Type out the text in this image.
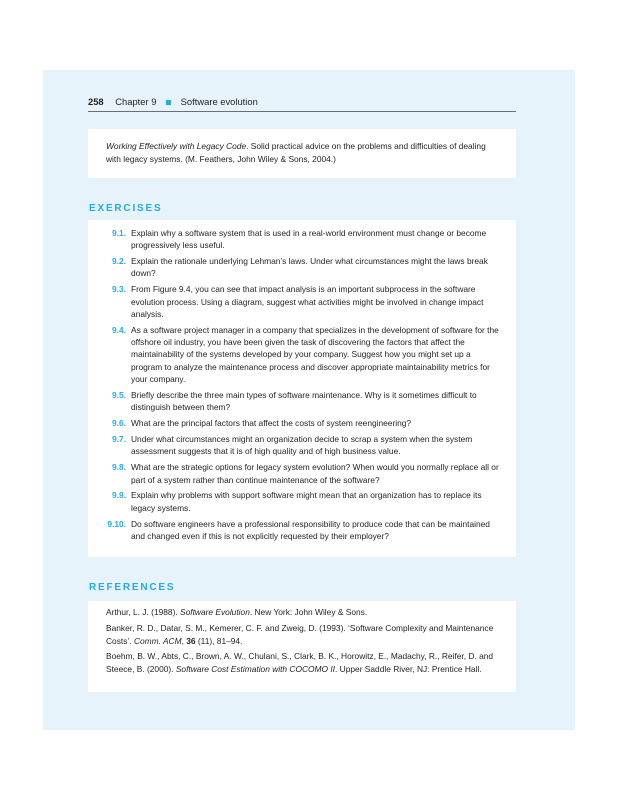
258 Chapter 9	Software evolution

Working Effectively with Legacy Code. Solid practical advice on the problems and difficulties of dealing with legacy systems. (M. Feathers, John Wiley & Sons, 2004.)

EXERCISES
9.1. Explain why a software system that is used in a real-world environment must change or become progressively less useful.
9.2. Explain the rationale underlying Lehman’s laws. Under what circumstances might the laws break down?
9.3. From Figure 9.4, you can see that impact analysis is an important subprocess in the software evolution process. Using a diagram, suggest what activities might be involved in change impact analysis.
9.4. As a software project manager in a company that specializes in the development of software for the offshore oil industry, you have been given the task of discovering the factors that affect the maintainability of the systems developed by your company. Suggest how you might set up a program to analyze the maintenance process and discover appropriate maintainability metrics for your company.
9.5. Briefly describe the three main types of software maintenance. Why is it sometimes difficult to distinguish between them?
9.6. What are the principal factors that affect the costs of system reengineering?
9.7. Under what circumstances might an organization decide to scrap a system when the system assessment suggests that it is of high quality and of high business value.
9.8. What are the strategic options for legacy system evolution? When would you normally replace all or part of a system rather than continue maintenance of the software?
9.9. Explain why problems with support software might mean that an organization has to replace its legacy systems.
9.10. Do software engineers have a professional responsibility to produce code that can be maintained and changed even if this is not explicitly requested by their employer?
REFERENCES
Arthur, L. J. (1988). Software Evolution. New York: John Wiley & Sons.
Banker, R. D., Datar, S. M., Kemerer, C. F. and Zweig, D. (1993). ‘Software Complexity and Maintenance Costs’. Comm. ACM, 36 (11), 81–94.
Boehm, B. W., Abts, C., Brown, A. W., Chulani, S., Clark, B. K., Horowitz, E., Madachy, R., Reifer, D. and Steece, B. (2000). Software Cost Estimation with COCOMO II. Upper Saddle River, NJ: Prentice Hall.
